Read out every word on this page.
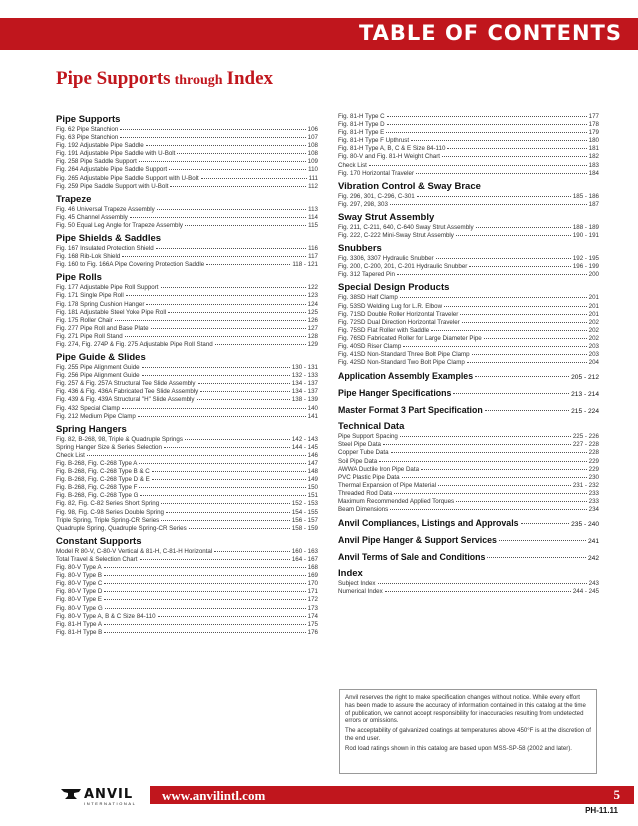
TABLE OF CONTENTS
Pipe Supports through Index
Pipe Supports
Fig. 62 Pipe Stanchion	106
Fig. 63 Pipe Stanchion	107
Fig. 192 Adjustable Pipe Saddle	108
Fig. 191 Adjustable Pipe Saddle with U-Bolt	108
Fig. 258 Pipe Saddle Support	109
Fig. 264 Adjustable Pipe Saddle Support	110
Fig. 265 Adjustable Pipe Saddle Support with U-Bolt	111
Fig. 259 Pipe Saddle Support with U-Bolt	112
Trapeze
Fig. 46 Universal Trapeze Assembly	113
Fig. 45 Channel Assembly	114
Fig. 50 Equal Leg Angle for Trapeze Assembly	115
Pipe Shields & Saddles
Fig. 167 Insulated Protection Shield	116
Fig. 168 Rib-Lok Shield	117
Fig. 160 to Fig. 166A Pipe Covering Protection Saddle	118 - 121
Pipe Rolls
Fig. 177 Adjustable Pipe Roll Support	122
Fig. 171 Single Pipe Roll	123
Fig. 178 Spring Cushion Hanger	124
Fig. 181 Adjustable Steel Yoke Pipe Roll	125
Fig. 175 Roller Chair	126
Fig. 277 Pipe Roll and Base Plate	127
Fig. 271 Pipe Roll Stand	128
Fig. 274, Fig. 274P & Fig. 275 Adjustable Pipe Roll Stand	129
Pipe Guide & Slides
Fig. 255 Pipe Alignment Guide	130 - 131
Fig. 256 Pipe Alignment Guide	132 - 133
Fig. 257 & Fig. 257A Structural Tee Slide Assembly	134 - 137
Fig. 436 & Fig. 436A Fabricated Tee Slide Assembly	134 - 137
Fig. 439 & Fig. 439A Structural "H" Slide Assembly	138 - 139
Fig. 432 Special Clamp	140
Fig. 212 Medium Pipe Clamp	141
Spring Hangers
Fig. 82, B-268, 98, Triple & Quadruple Springs	142 - 143
Spring Hanger Size & Series Selection	144 - 145
Check List	146
Fig. B-268, Fig. C-268 Type A	147
Fig. B-268, Fig. C-268 Type B & C	148
Fig. B-268, Fig. C-268 Type D & E	149
Fig. B-268, Fig. C-268 Type F	150
Fig. B-268, Fig. C-268 Type G	151
Fig. 82, Fig. C-82 Series Short Spring	152 - 153
Fig. 98, Fig. C-98 Series Double Spring	154 - 155
Triple Spring, Triple Spring-CR Series	156 - 157
Quadruple Spring, Quadruple Spring-CR Series	158 - 159
Constant Supports
Model R 80-V, C-80-V Vertical & 81-H, C-81-H Horizontal	160 - 163
Total Travel & Selection Chart	164 - 167
Fig. 80-V Type A	168
Fig. 80-V Type B	169
Fig. 80-V Type C	170
Fig. 80-V Type D	171
Fig. 80-V Type E	172
Fig. 80-V Type G	173
Fig. 80-V Type A, B & C Size 84-110	174
Fig. 81-H Type A	175
Fig. 81-H Type B	176
Fig. 81-H Type C	177
Fig. 81-H Type D	178
Fig. 81-H Type E	179
Fig. 81-H Type F Upthrust	180
Fig. 81-H Type A, B, C & E Size 84-110	181
Fig. 80-V and Fig. 81-H Weight Chart	182
Check List	183
Fig. 170 Horizontal Traveler	184
Vibration Control & Sway Brace
Fig. 296, 301, C-296, C-301	185 - 186
Fig. 297, 298, 303	187
Sway Strut Assembly
Fig. 211, C-211, 640, C-640 Sway Strut Assembly	188 - 189
Fig. 222, C-222 Mini-Sway Strut Assembly	190 - 191
Snubbers
Fig. 3306, 3307 Hydraulic Snubber	192 - 195
Fig. 200, C-200, 201, C-201 Hydraulic Snubber	196 - 199
Fig. 312 Tapered Pin	200
Special Design Products
Fig. 38SD Half Clamp	201
Fig. 53SD Welding Lug for L.R. Elbow	201
Fig. 71SD Double Roller Horizontal Traveler	201
Fig. 72SD Dual Direction Horizontal Traveler	202
Fig. 75SD Flat Roller with Saddle	202
Fig. 76SD Fabricated Roller for Large Diameter Pipe	202
Fig. 40SD Riser Clamp	203
Fig. 41SD Non-Standard Three Bolt Pipe Clamp	203
Fig. 42SD Non-Standard Two Bolt Pipe Clamp	204
Application Assembly Examples	205 - 212
Pipe Hanger Specifications	213 - 214
Master Format 3 Part Specification	215 - 224
Technical Data
Pipe Support Spacing	225 - 226
Steel Pipe Data	227 - 228
Copper Tube Data	228
Soil Pipe Data	229
AWWA Ductile Iron Pipe Data	229
PVC Plastic Pipe Data	230
Thermal Expansion of Pipe Material	231 - 232
Threaded Rod Data	233
Maximum Recommended Applied Torques	233
Beam Dimensions	234
Anvil Compliances, Listings and Approvals	235 - 240
Anvil Pipe Hanger & Support Services	241
Anvil Terms of Sale and Conditions	242
Index
Subject Index	243
Numerical Index	244 - 245

Anvil reserves the right to make specification changes without notice. While every effort has been made to assure the accuracy of information contained in this catalog at the time of publication, we cannot accept responsibility for inaccuracies resulting from undetected errors or omissions.

The acceptability of galvanized coatings at temperatures above 450°F is at the discretion of the end user.

Rod load ratings shown in this catalog are based upon MSS-SP-58 (2002 and later).

ANVIL
INTERNATIONAL
www.anvilintl.com	5
PH-11.11
